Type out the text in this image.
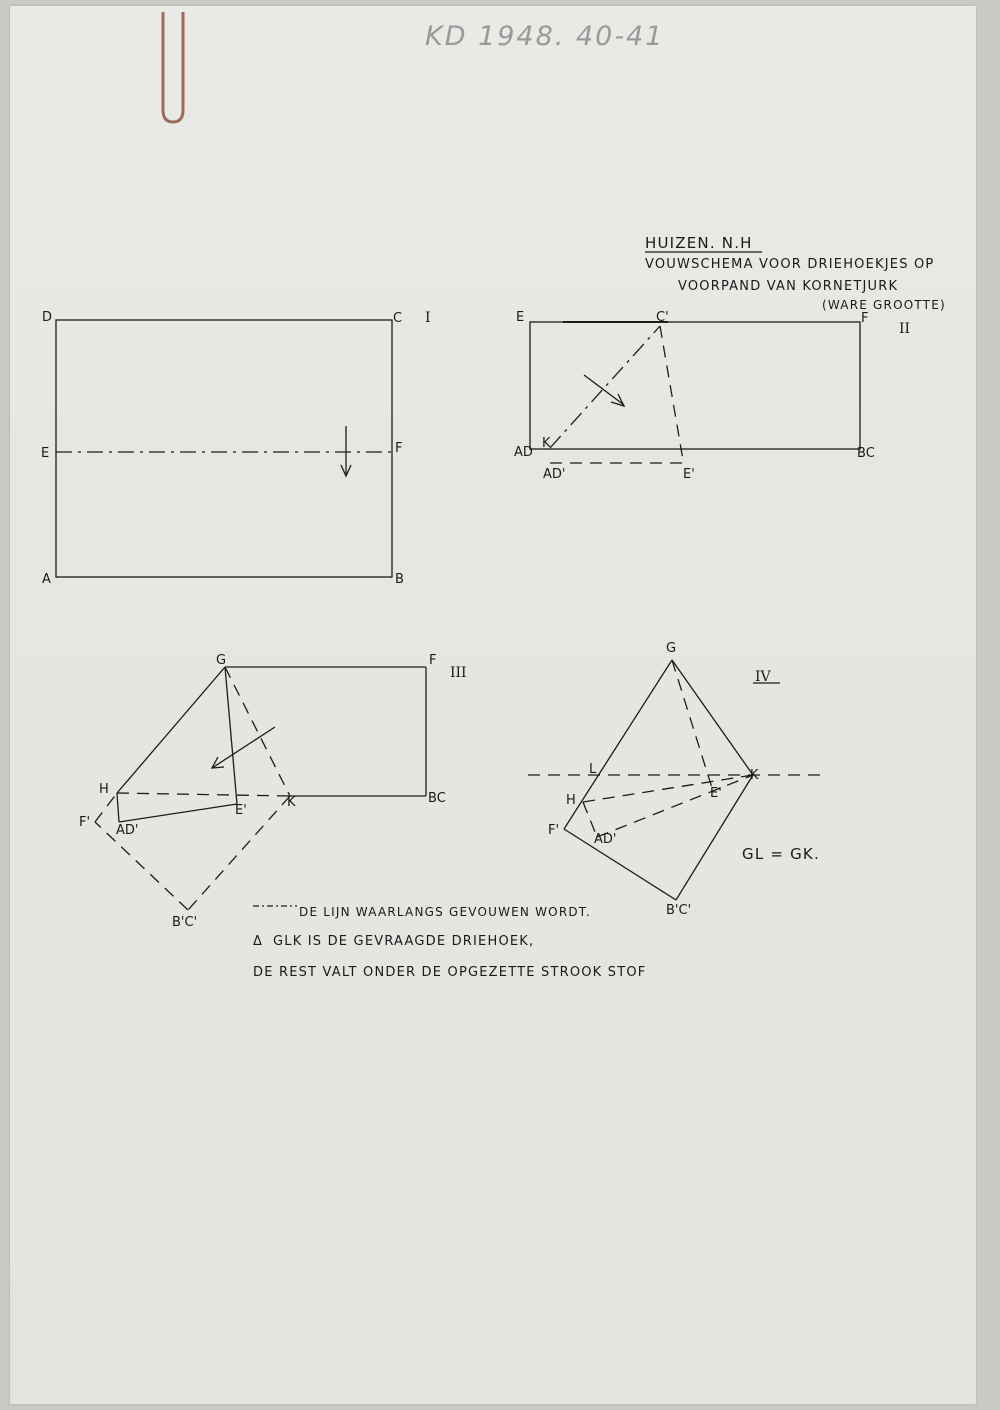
KD 1948. 40-41
HUIZEN. N.H
VOUWSCHEMA VOOR DRIEHOEKJES OP
VOORPAND VAN KORNETJURK
(WARE GROOTTE)
D	C
E	F
A	B
I	E	C'	F
AD
K
BC
AD'	E'
II
G	F
H
F'
AD'
E'
K	BC
B'C'
III
G
L	K
H	E'
F'
AD'
B'C'
IV
GL = GK.
DE LIJN WAARLANGS GEVOUWEN WORDT.
Δ GLK IS DE GEVRAAGDE DRIEHOEK,
DE REST VALT ONDER DE OPGEZETTE STROOK STOF
